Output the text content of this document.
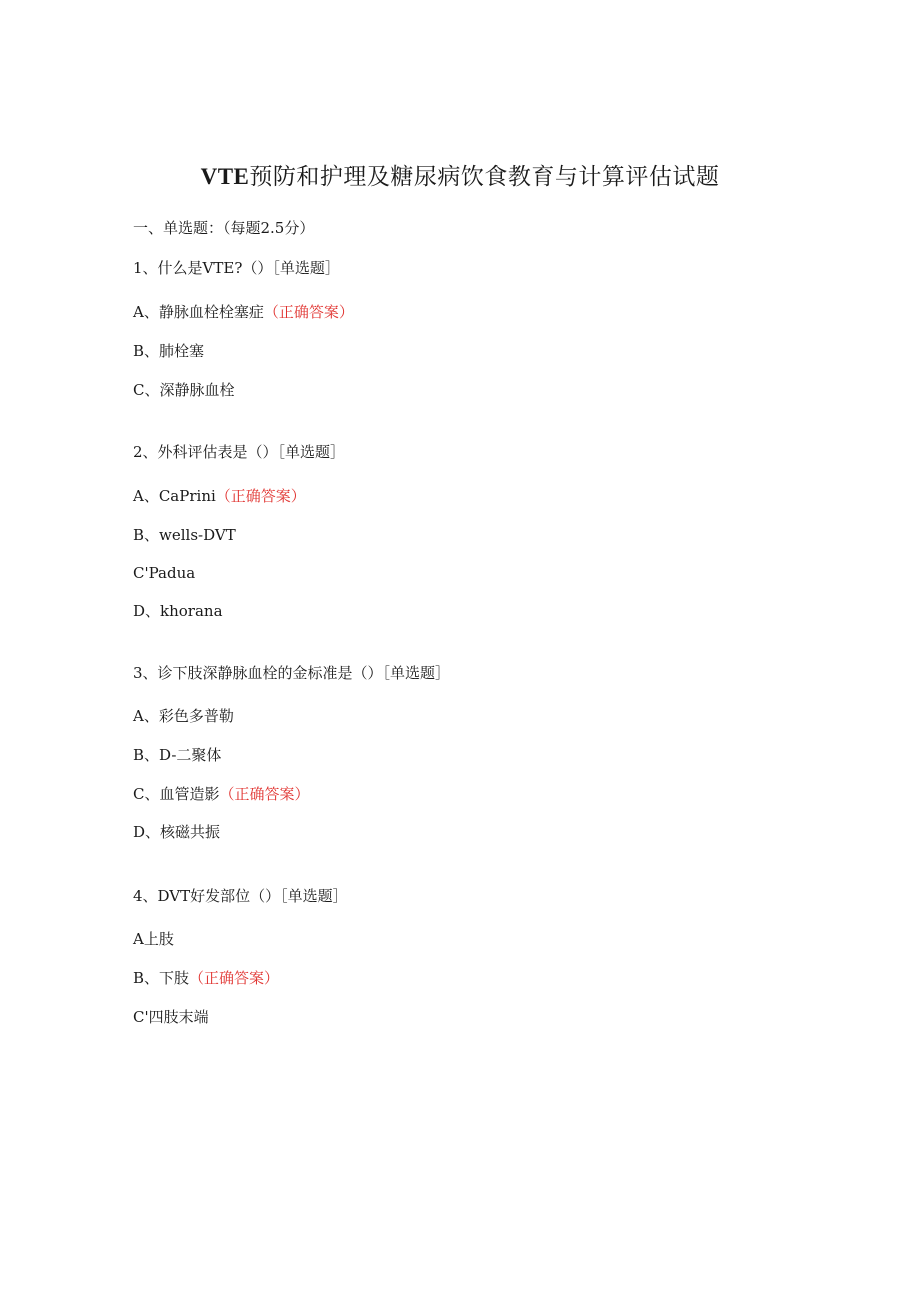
VTE预防和护理及糖尿病饮食教育与计算评估试题
一、单选题：（每题2.5分）
1、什么是VTE?（）［单选题］
A、静脉血栓栓塞症（正确答案）
B、肺栓塞
C、深静脉血栓
2、外科评估表是（）［单选题］
A、CaPrini（正确答案）
B、wells-DVT
C'Padua
D、khorana
3、诊下肢深静脉血栓的金标准是（）［单选题］
A、彩色多普勒
B、D-二聚体
C、血管造影（正确答案）
D、核磁共振
4、DVT好发部位（）［单选题］
A上肢
B、下肢（正确答案）
C'四肢末端
